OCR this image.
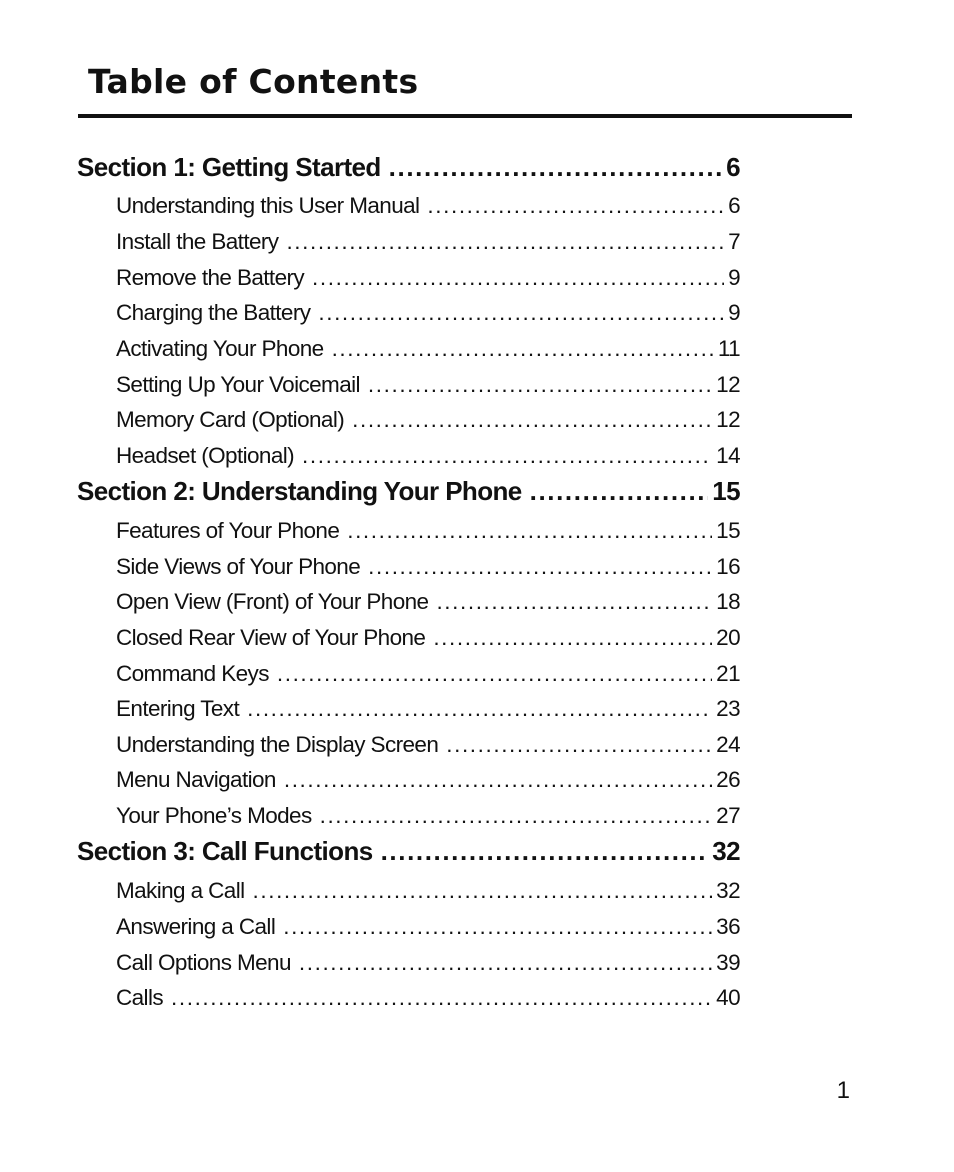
Table of Contents
Section 1: Getting Started .....	6
Understanding this User Manual .....	6
Install the Battery .....	7
Remove the Battery .....	9
Charging the Battery .....	9
Activating Your Phone .....	11
Setting Up Your Voicemail .....	12
Memory Card (Optional) .....	12
Headset (Optional) .....	14
Section 2: Understanding Your Phone .....	15
Features of Your Phone .....	15
Side Views of Your Phone .....	16
Open View (Front) of Your Phone .....	18
Closed Rear View of Your Phone .....	20
Command Keys .....	21
Entering Text .....	23
Understanding the Display Screen .....	24
Menu Navigation .....	26
Your Phone’s Modes .....	27
Section 3: Call Functions .....	32
Making a Call .....	32
Answering a Call .....	36
Call Options Menu .....	39
Calls .....	40
1
